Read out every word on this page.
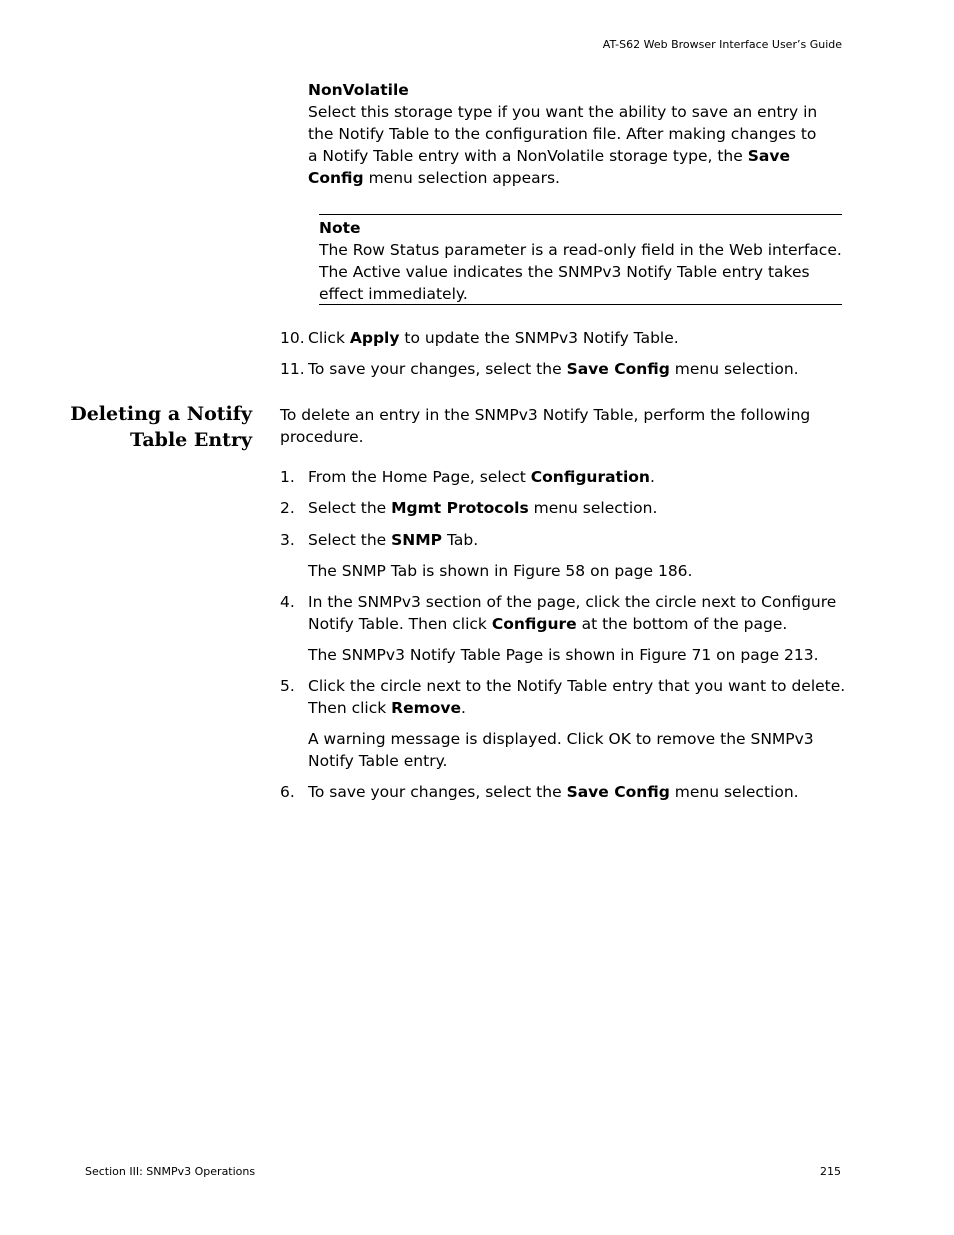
AT-S62 Web Browser Interface User’s Guide
NonVolatile
Select this storage type if you want the ability to save an entry in
the Notify Table to the configuration file. After making changes to
a Notify Table entry with a NonVolatile storage type, the Save
Config menu selection appears.
Note
The Row Status parameter is a read-only field in the Web interface.
The Active value indicates the SNMPv3 Notify Table entry takes
effect immediately.
10. Click Apply to update the SNMPv3 Notify Table.
11. To save your changes, select the Save Config menu selection.
Deleting a Notify
Table Entry
To delete an entry in the SNMPv3 Notify Table, perform the following
procedure.
1. From the Home Page, select Configuration.
2. Select the Mgmt Protocols menu selection.
3. Select the SNMP Tab.
The SNMP Tab is shown in Figure 58 on page 186.
4. In the SNMPv3 section of the page, click the circle next to Configure
Notify Table. Then click Configure at the bottom of the page.
The SNMPv3 Notify Table Page is shown in Figure 71 on page 213.
5. Click the circle next to the Notify Table entry that you want to delete.
Then click Remove.
A warning message is displayed. Click OK to remove the SNMPv3
Notify Table entry.
6. To save your changes, select the Save Config menu selection.
Section III: SNMPv3 Operations	215
